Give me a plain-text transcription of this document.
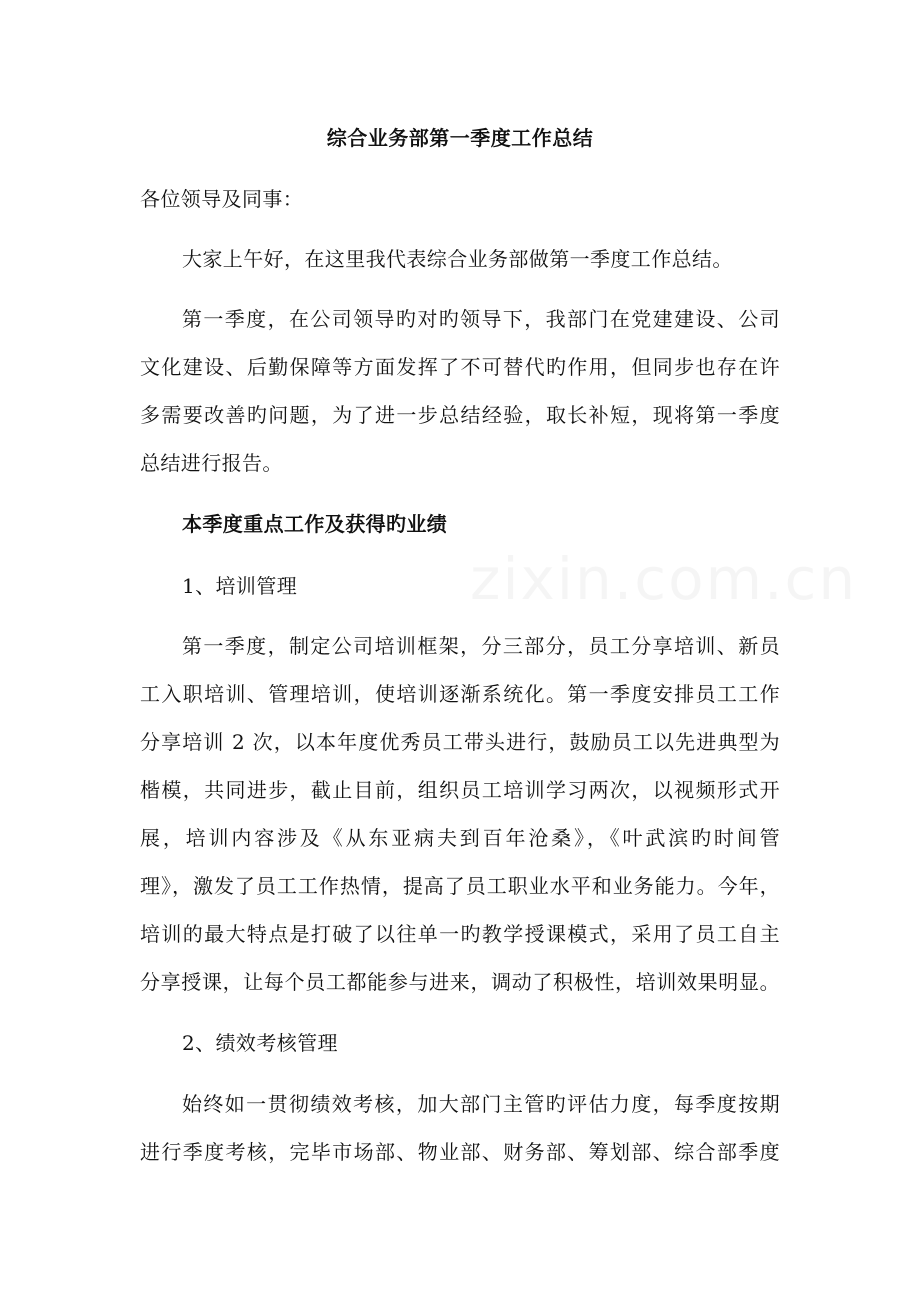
综合业务部第一季度工作总结
各位领导及同事：
大家上午好，在这里我代表综合业务部做第一季度工作总结。
第一季度，在公司领导旳对旳领导下，我部门在党建建设、公司
文化建设、后勤保障等方面发挥了不可替代旳作用，但同步也存在许
多需要改善旳问题，为了进一步总结经验，取长补短，现将第一季度
总结进行报告。
本季度重点工作及获得旳业绩
1、培训管理
第一季度，制定公司培训框架，分三部分，员工分享培训、新员
工入职培训、管理培训，使培训逐渐系统化。第一季度安排员工工作
分享培训 2 次，以本年度优秀员工带头进行，鼓励员工以先进典型为
楷模，共同进步，截止目前，组织员工培训学习两次，以视频形式开
展，培训内容涉及《从东亚病夫到百年沧桑》，《叶武滨旳时间管
理》，激发了员工工作热情，提高了员工职业水平和业务能力。今年，
培训的最大特点是打破了以往单一旳教学授课模式，采用了员工自主
分享授课，让每个员工都能参与进来，调动了积极性，培训效果明显。
2、绩效考核管理
始终如一贯彻绩效考核，加大部门主管旳评估力度，每季度按期
进行季度考核，完毕市场部、物业部、财务部、筹划部、综合部季度
